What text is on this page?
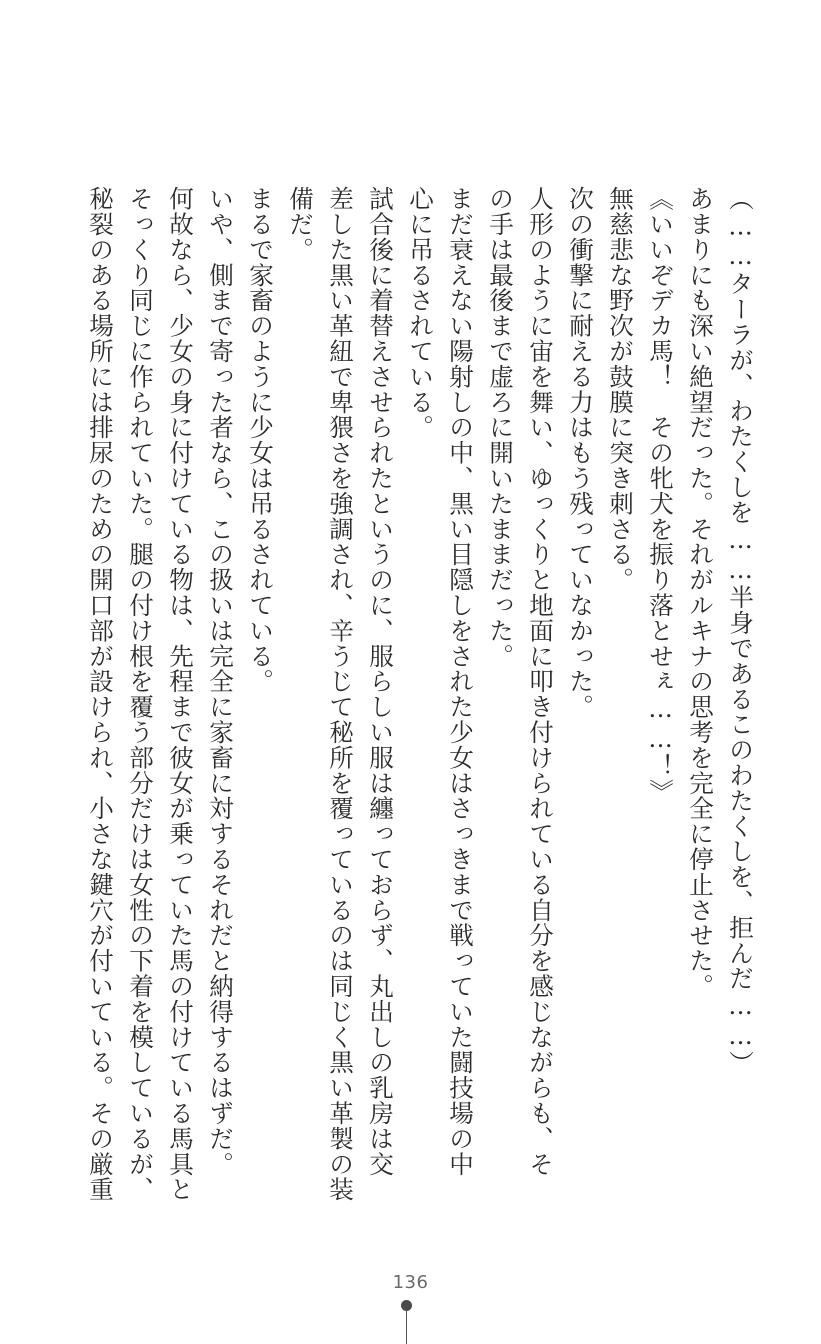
（……ターラが、わたくしを……半身であるこのわたくしを、拒んだ……）
あまりにも深い絶望だった。それがルキナの思考を完全に停止させた。
《いいぞデカ馬！　その牝犬を振り落とせぇ……！》
無慈悲な野次が鼓膜に突き刺さる。
次の衝撃に耐える力はもう残っていなかった。
人形のように宙を舞い、ゆっくりと地面に叩き付けられている自分を感じながらも、そ
の手は最後まで虚ろに開いたままだった。
まだ衰えない陽射しの中、黒い目隠しをされた少女はさっきまで戦っていた闘技場の中
心に吊るされている。
試合後に着替えさせられたというのに、服らしい服は纏っておらず、丸出しの乳房は交
差した黒い革紐で卑猥さを強調され、辛うじて秘所を覆っているのは同じく黒い革製の装
備だ。
まるで家畜のように少女は吊るされている。
いや、側まで寄った者なら、この扱いは完全に家畜に対するそれだと納得するはずだ。
何故なら、少女の身に付けている物は、先程まで彼女が乗っていた馬の付けている馬具と
そっくり同じに作られていた。腿の付け根を覆う部分だけは女性の下着を模しているが、
秘裂のある場所には排尿のための開口部が設けられ、小さな鍵穴が付いている。その厳重
136
